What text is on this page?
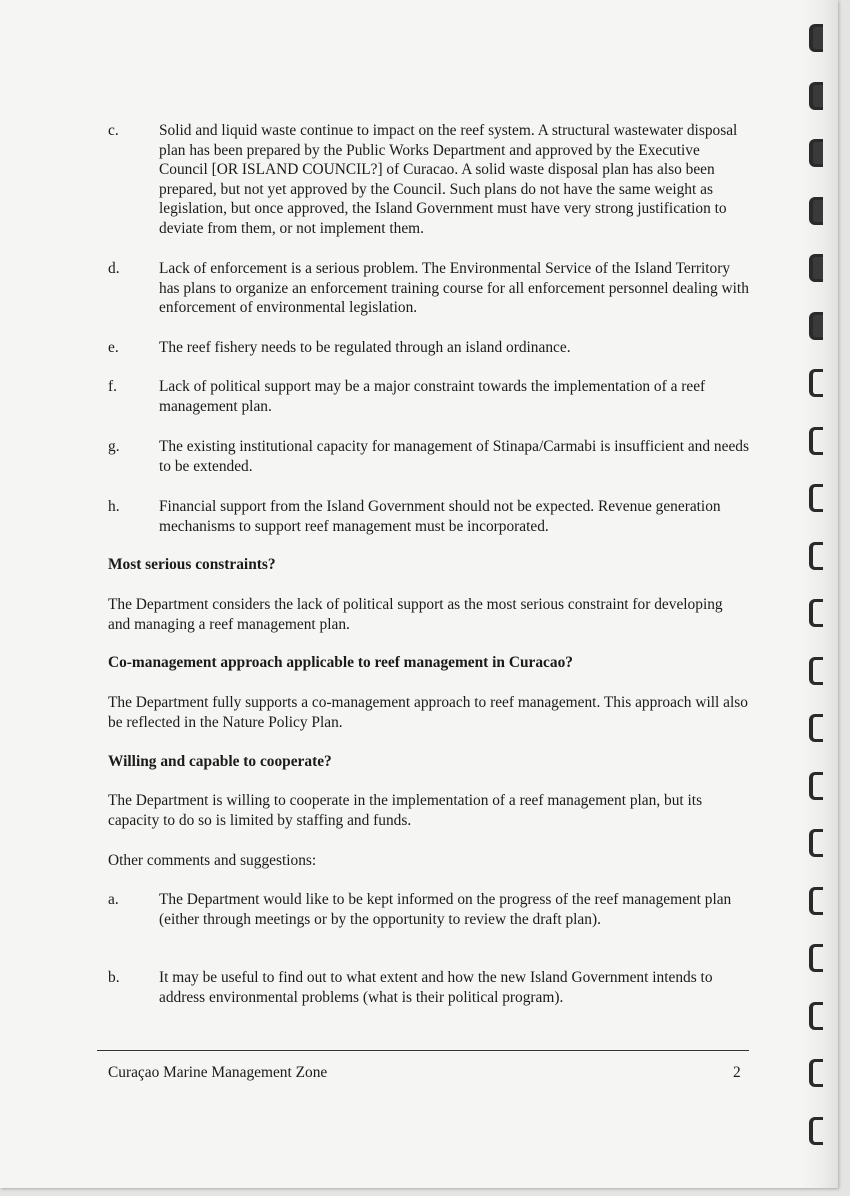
c.	Solid and liquid waste continue to impact on the reef system. A structural wastewater disposal plan has been prepared by the Public Works Department and approved by the Executive Council [OR ISLAND COUNCIL?] of Curacao. A solid waste disposal plan has also been prepared, but not yet approved by the Council. Such plans do not have the same weight as legislation, but once approved, the Island Government must have very strong justification to deviate from them, or not implement them.
d.	Lack of enforcement is a serious problem. The Environmental Service of the Island Territory has plans to organize an enforcement training course for all enforcement personnel dealing with enforcement of environmental legislation.
e.	The reef fishery needs to be regulated through an island ordinance.
f.	Lack of political support may be a major constraint towards the implementation of a reef management plan.
g.	The existing institutional capacity for management of Stinapa/Carmabi is insufficient and needs to be extended.
h.	Financial support from the Island Government should not be expected. Revenue generation mechanisms to support reef management must be incorporated.
Most serious constraints?
The Department considers the lack of political support as the most serious constraint for developing and managing a reef management plan.
Co-management approach applicable to reef management in Curacao?
The Department fully supports a co-management approach to reef management. This approach will also be reflected in the Nature Policy Plan.
Willing and capable to cooperate?
The Department is willing to cooperate in the implementation of a reef management plan, but its capacity to do so is limited by staffing and funds.
Other comments and suggestions:
a.	The Department would like to be kept informed on the progress of the reef management plan (either through meetings or by the opportunity to review the draft plan).
b.	It may be useful to find out to what extent and how the new Island Government intends to address environmental problems (what is their political program).
Curaçao Marine Management Zone	2
